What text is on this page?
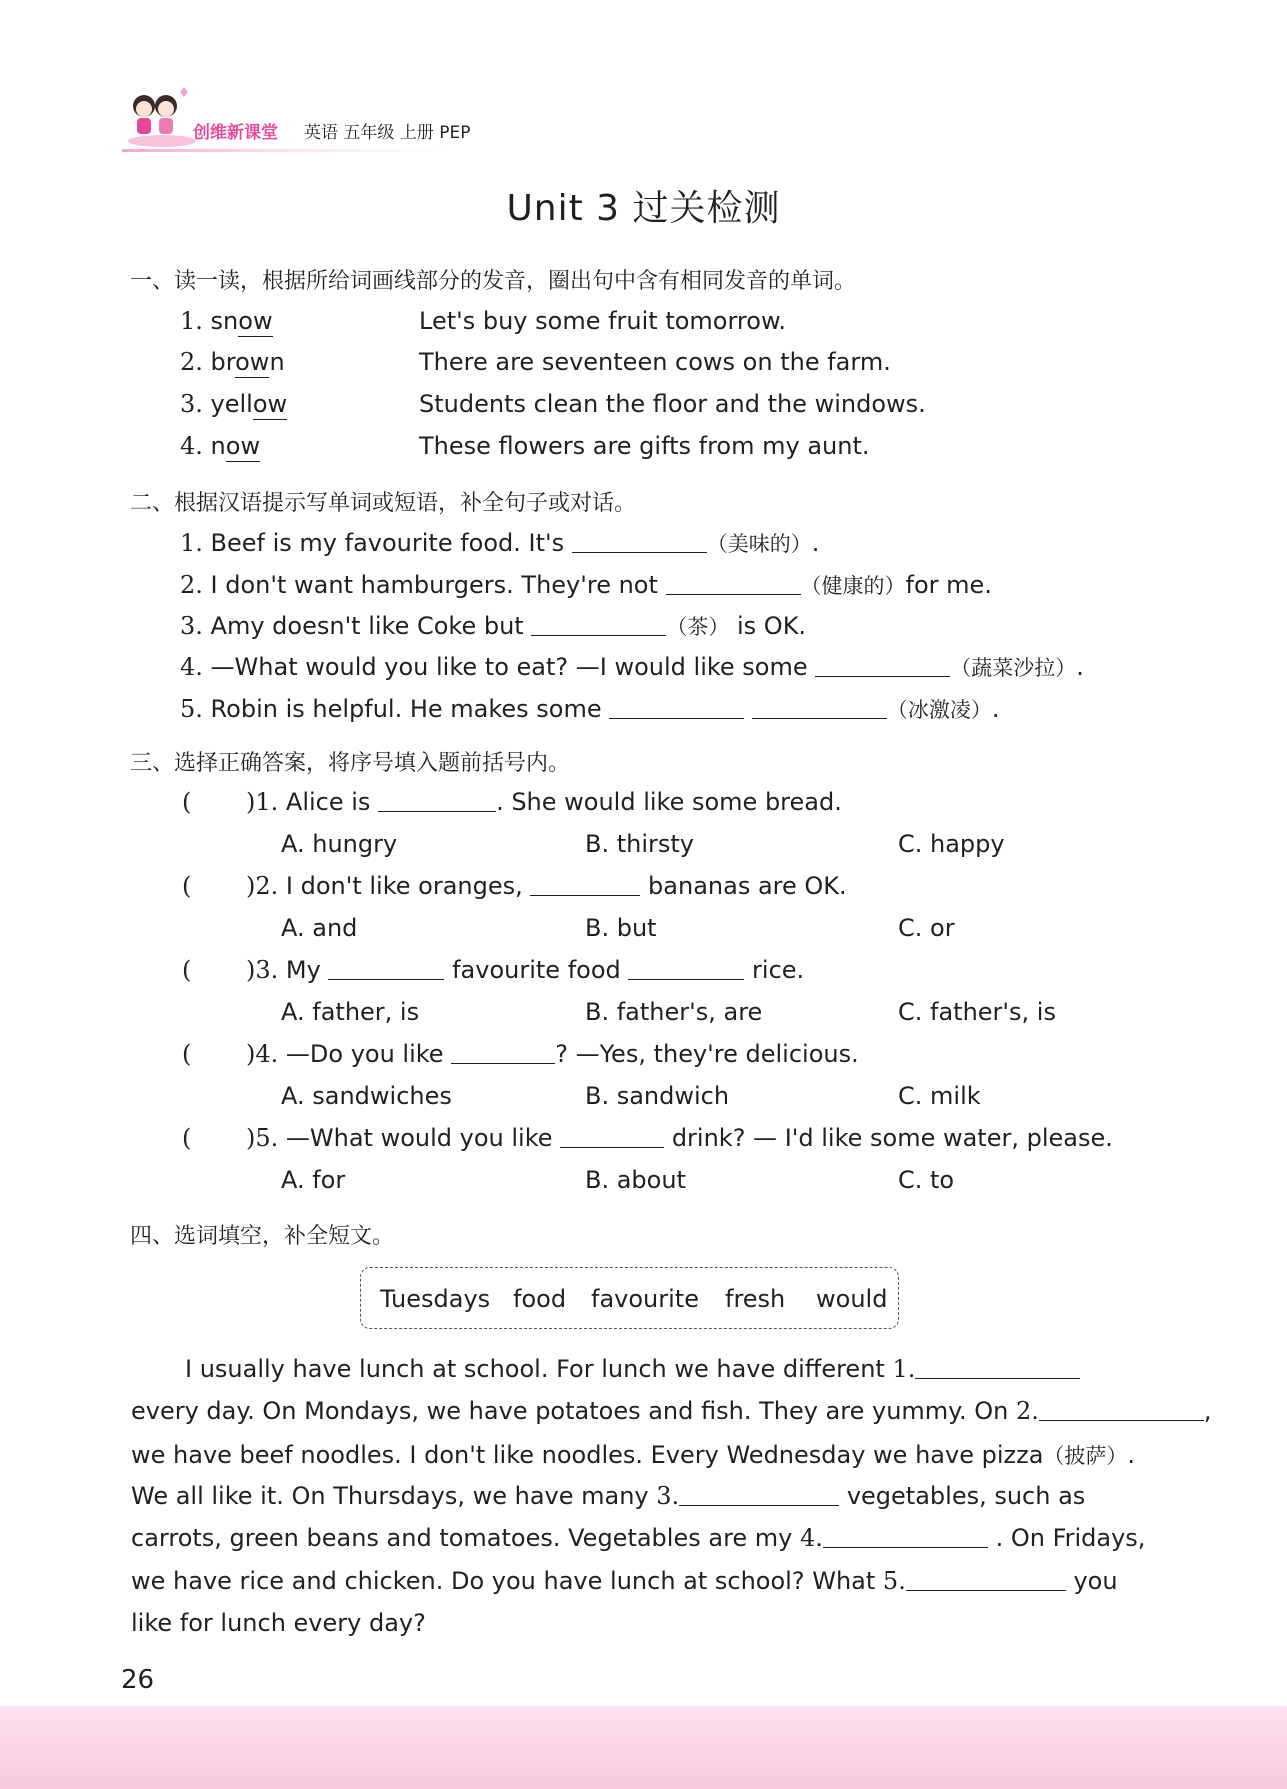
创维新课堂 英语 五年级 上册 PEP
Unit 3 过关检测
一、读一读，根据所给词画线部分的发音，圈出句中含有相同发音的单词。
1. snow	Let's buy some fruit tomorrow.
2. brown	There are seventeen cows on the farm.
3. yellow	Students clean the floor and the windows.
4. now	These flowers are gifts from my aunt.
二、根据汉语提示写单词或短语，补全句子或对话。
1. Beef is my favourite food. It's	（美味的）.
2. I don't want hamburgers. They're not	（健康的）for me.
3. Amy doesn't like Coke but	（茶） is OK.
4. —What would you like to eat? —I would like some	（蔬菜沙拉）.
5. Robin is helpful. He makes some	（冰激凌）.
三、选择正确答案，将序号填入题前括号内。
( )1. Alice is	. She would like some bread.
A. hungry	B. thirsty	C. happy
( )2. I don't like oranges,	bananas are OK.
A. and	B. but	C. or
( )3. My	favourite food	rice.
A. father, is	B. father's, are	C. father's, is
( )4. —Do you like	? —Yes, they're delicious.
A. sandwiches	B. sandwich	C. milk
( )5. —What would you like	drink? — I'd like some water, please.
A. for	B. about	C. to
四、选词填空，补全短文。
Tuesdays food favourite fresh would
I usually have lunch at school. For lunch we have different 1.
every day. On Mondays, we have potatoes and fish. They are yummy. On 2.	,
we have beef noodles. I don't like noodles. Every Wednesday we have pizza（披萨）.
We all like it. On Thursdays, we have many 3.	vegetables, such as
carrots, green beans and tomatoes. Vegetables are my 4.	. On Fridays,
we have rice and chicken. Do you have lunch at school? What 5.	you
like for lunch every day?
26
